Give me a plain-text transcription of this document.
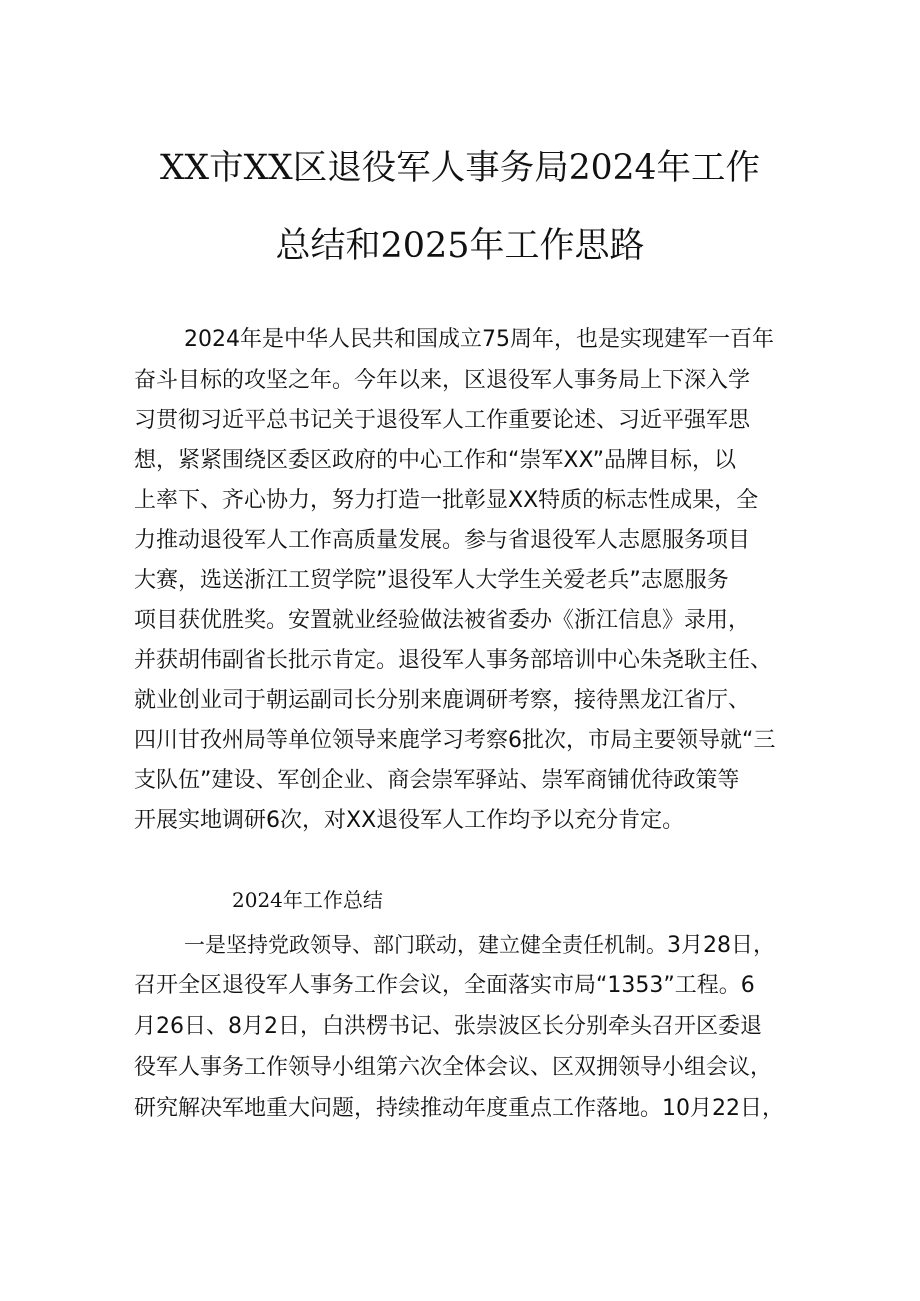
XX市XX区退役军人事务局2024年工作
总结和2025年工作思路
2024年是中华人民共和国成立75周年，也是实现建军一百年
奋斗目标的攻坚之年。今年以来，区退役军人事务局上下深入学
习贯彻习近平总书记关于退役军人工作重要论述、习近平强军思
想，紧紧围绕区委区政府的中心工作和“崇军XX”品牌目标，以
上率下、齐心协力，努力打造一批彰显XX特质的标志性成果，全
力推动退役军人工作高质量发展。参与省退役军人志愿服务项目
大赛，选送浙江工贸学院”退役军人大学生关爱老兵”志愿服务
项目获优胜奖。安置就业经验做法被省委办《浙江信息》录用，
并获胡伟副省长批示肯定。退役军人事务部培训中心朱尧耿主任、
就业创业司于朝运副司长分别来鹿调研考察，接待黑龙江省厅、
四川甘孜州局等单位领导来鹿学习考察6批次，市局主要领导就“三
支队伍”建设、军创企业、商会崇军驿站、崇军商铺优待政策等
开展实地调研6次，对XX退役军人工作均予以充分肯定。
2024年工作总结
一是坚持党政领导、部门联动，建立健全责任机制。3月28日，
召开全区退役军人事务工作会议，全面落实市局“1353”工程。6
月26日、8月2日，白洪楞书记、张崇波区长分别牵头召开区委退
役军人事务工作领导小组第六次全体会议、区双拥领导小组会议，
研究解决军地重大问题，持续推动年度重点工作落地。10月22日，
